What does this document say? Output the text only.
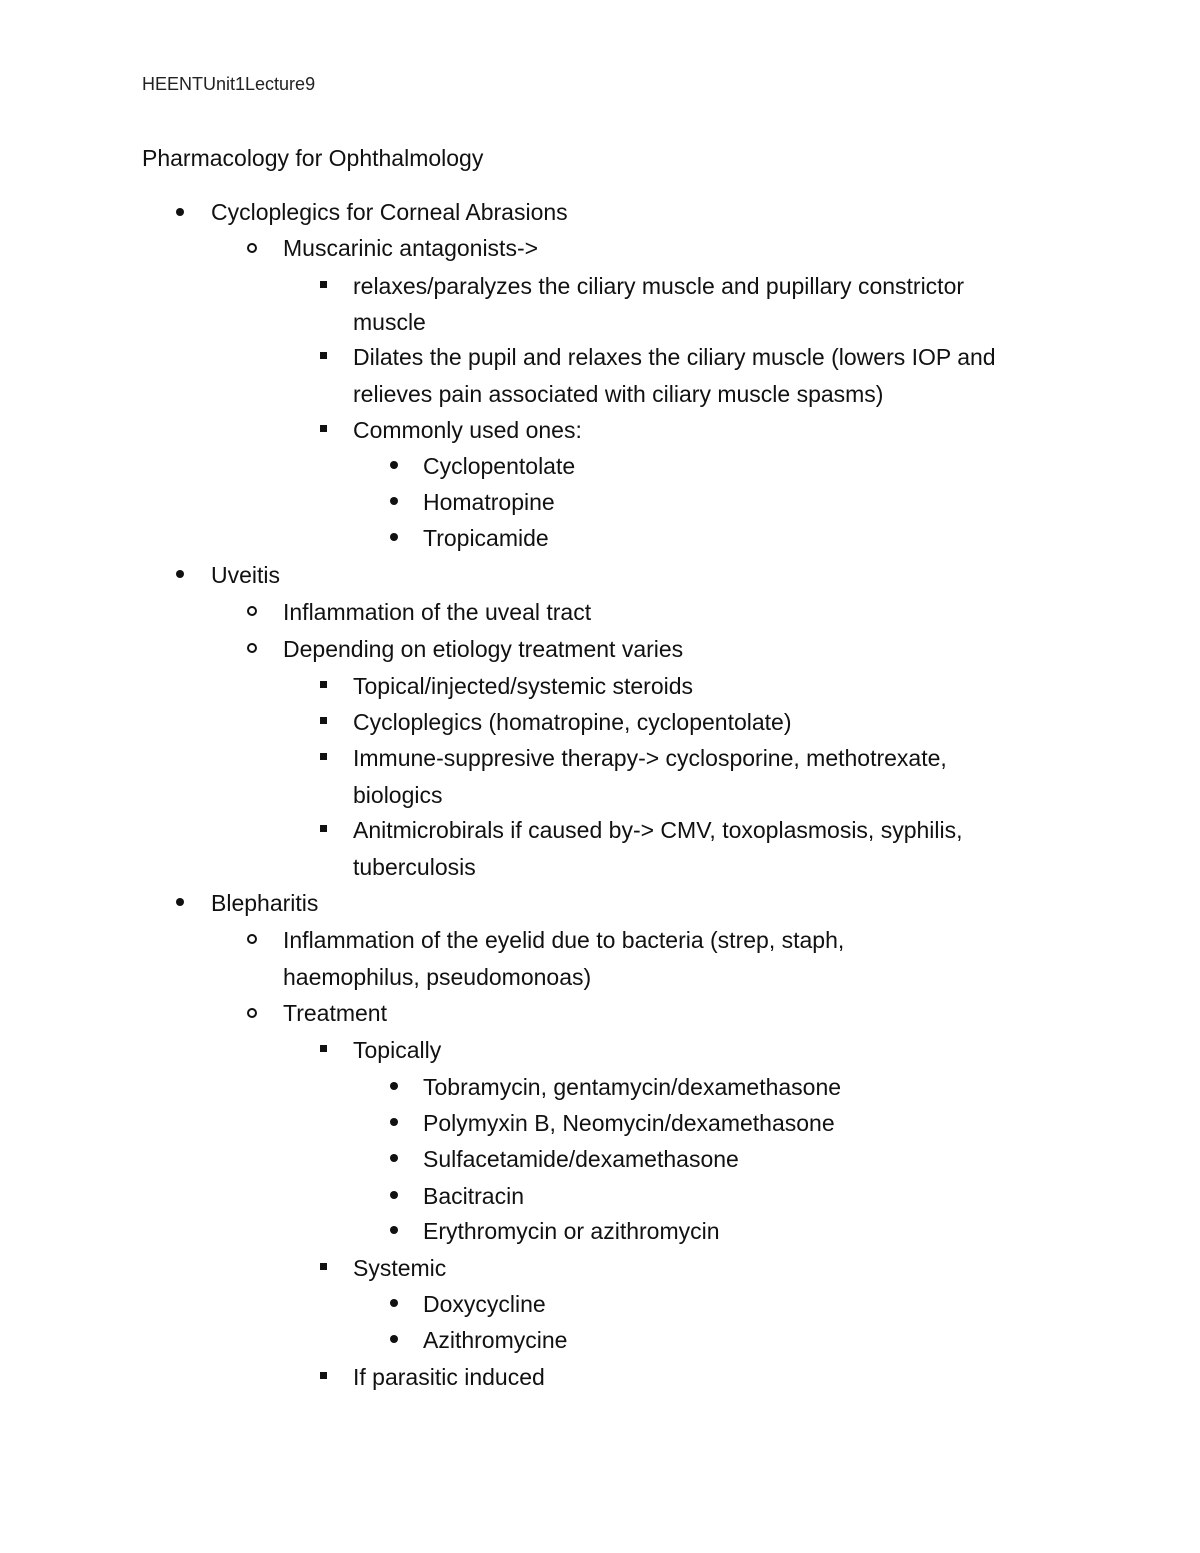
HEENTUnit1Lecture9
Pharmacology for Ophthalmology
Cycloplegics for Corneal Abrasions
Muscarinic antagonists->
relaxes/paralyzes the ciliary muscle and pupillary constrictor
muscle
Dilates the pupil and relaxes the ciliary muscle (lowers IOP and
relieves pain associated with ciliary muscle spasms)
Commonly used ones:
Cyclopentolate
Homatropine
Tropicamide
Uveitis
Inflammation of the uveal tract
Depending on etiology treatment varies
Topical/injected/systemic steroids
Cycloplegics (homatropine, cyclopentolate)
Immune-suppresive therapy-> cyclosporine, methotrexate,
biologics
Anitmicrobirals if caused by-> CMV, toxoplasmosis, syphilis,
tuberculosis
Blepharitis
Inflammation of the eyelid due to bacteria (strep, staph,
haemophilus, pseudomonoas)
Treatment
Topically
Tobramycin, gentamycin/dexamethasone
Polymyxin B, Neomycin/dexamethasone
Sulfacetamide/dexamethasone
Bacitracin
Erythromycin or azithromycin
Systemic
Doxycycline
Azithromycine
If parasitic induced
